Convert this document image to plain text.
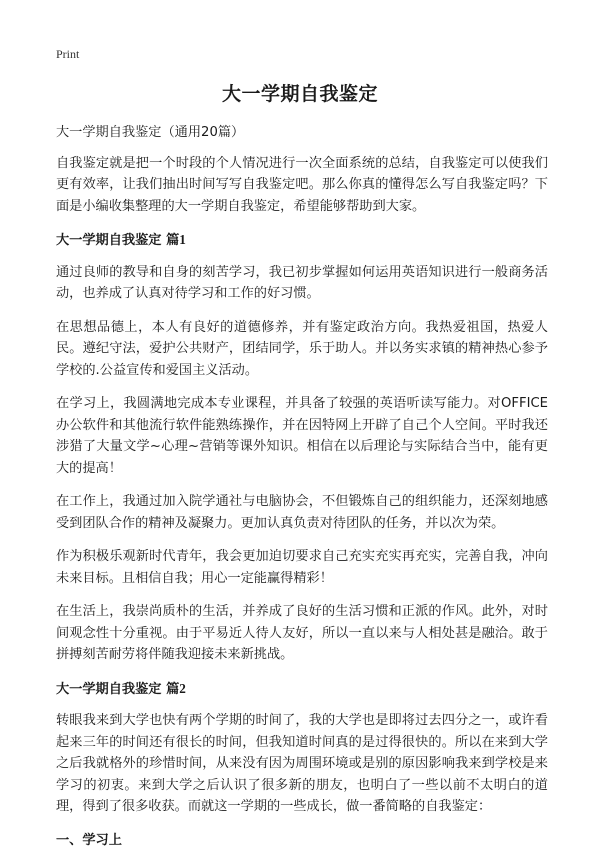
Print
大一学期自我鉴定

大一学期自我鉴定（通用20篇）

自我鉴定就是把一个时段的个人情况进行一次全面系统的总结，自我鉴定可以使我们更有效率，让我们抽出时间写写自我鉴定吧。那么你真的懂得怎么写自我鉴定吗？下面是小编收集整理的大一学期自我鉴定，希望能够帮助到大家。

大一学期自我鉴定 篇1

通过良师的教导和自身的刻苦学习，我已初步掌握如何运用英语知识进行一般商务活动，也养成了认真对待学习和工作的好习惯。

在思想品德上，本人有良好的道德修养，并有鉴定政治方向。我热爱祖国，热爱人民。遵纪守法，爱护公共财产，团结同学，乐于助人。并以务实求镇的精神热心参予学校的.公益宣传和爱国主义活动。

在学习上，我圆满地完成本专业课程，并具备了较强的英语听读写能力。对OFFICE办公软件和其他流行软件能熟练操作，并在因特网上开辟了自己个人空间。平时我还涉猎了大量文学~心理~营销等课外知识。相信在以后理论与实际结合当中，能有更大的提高！

在工作上，我通过加入院学通社与电脑协会，不但锻炼自己的组织能力，还深刻地感受到团队合作的精神及凝聚力。更加认真负责对待团队的任务，并以次为荣。

作为积极乐观新时代青年，我会更加迫切要求自己充实充实再充实，完善自我，冲向未来目标。且相信自我；用心一定能赢得精彩！

在生活上，我崇尚质朴的生活，并养成了良好的生活习惯和正派的作风。此外，对时间观念性十分重视。由于平易近人待人友好，所以一直以来与人相处甚是融洽。敢于拼搏刻苦耐劳将伴随我迎接未来新挑战。

大一学期自我鉴定 篇2

转眼我来到大学也快有两个学期的时间了，我的大学也是即将过去四分之一，或许看起来三年的时间还有很长的时间，但我知道时间真的是过得很快的。所以在来到大学之后我就格外的珍惜时间，从来没有因为周围环境或是别的原因影响我来到学校是来学习的初衷。来到大学之后认识了很多新的朋友，也明白了一些以前不太明白的道理，得到了很多收获。而就这一学期的一些成长，做一番简略的自我鉴定：

一、学习上
